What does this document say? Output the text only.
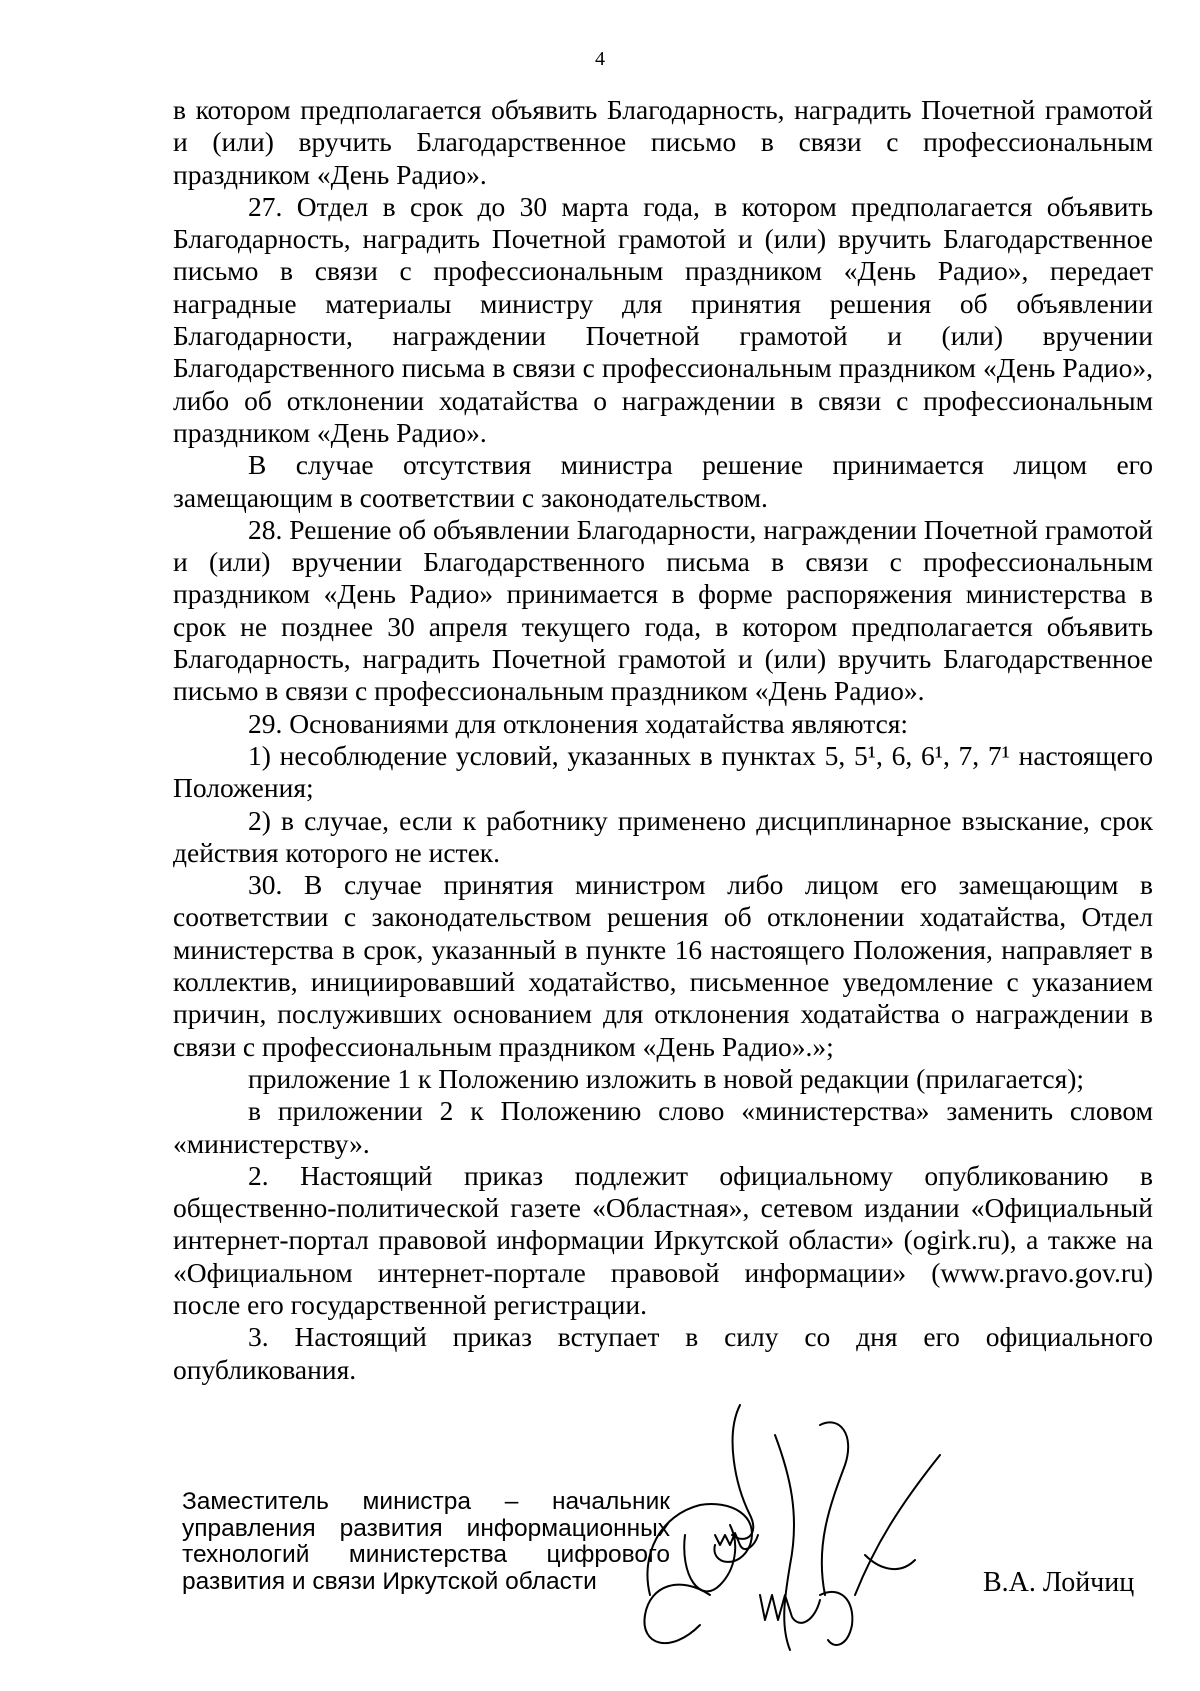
4

в котором предполагается объявить Благодарность, наградить Почетной грамотой и (или) вручить Благодарственное письмо в связи с профессиональным праздником «День Радио».

27. Отдел в срок до 30 марта года, в котором предполагается объявить Благодарность, наградить Почетной грамотой и (или) вручить Благодарственное письмо в связи с профессиональным праздником «День Радио», передает наградные материалы министру для принятия решения об объявлении Благодарности, награждении Почетной грамотой и (или) вручении Благодарственного письма в связи с профессиональным праздником «День Радио», либо об отклонении ходатайства о награждении в связи с профессиональным праздником «День Радио».

В случае отсутствия министра решение принимается лицом его замещающим в соответствии с законодательством.

28. Решение об объявлении Благодарности, награждении Почетной грамотой и (или) вручении Благодарственного письма в связи с профессиональным праздником «День Радио» принимается в форме распоряжения министерства в срок не позднее 30 апреля текущего года, в котором предполагается объявить Благодарность, наградить Почетной грамотой и (или) вручить Благодарственное письмо в связи с профессиональным праздником «День Радио».

29. Основаниями для отклонения ходатайства являются:

1) несоблюдение условий, указанных в пунктах 5, 5¹, 6, 6¹, 7, 7¹ настоящего Положения;

2) в случае, если к работнику применено дисциплинарное взыскание, срок действия которого не истек.

30. В случае принятия министром либо лицом его замещающим в соответствии с законодательством решения об отклонении ходатайства, Отдел министерства в срок, указанный в пункте 16 настоящего Положения, направляет в коллектив, инициировавший ходатайство, письменное уведомление с указанием причин, послуживших основанием для отклонения ходатайства о награждении в связи с профессиональным праздником «День Радио».»;

приложение 1 к Положению изложить в новой редакции (прилагается);

в приложении 2 к Положению слово «министерства» заменить словом «министерству».

2. Настоящий приказ подлежит официальному опубликованию в общественно-политической газете «Областная», сетевом издании «Официальный интернет-портал правовой информации Иркутской области» (ogirk.ru), а также на «Официальном интернет-портале правовой информации» (www.pravo.gov.ru) после его государственной регистрации.

3. Настоящий приказ вступает в силу со дня его официального опубликования.

Заместитель министра – начальник
управления развития информационных
технологий министерства цифрового
развития и связи Иркутской области	В.А. Лойчиц
